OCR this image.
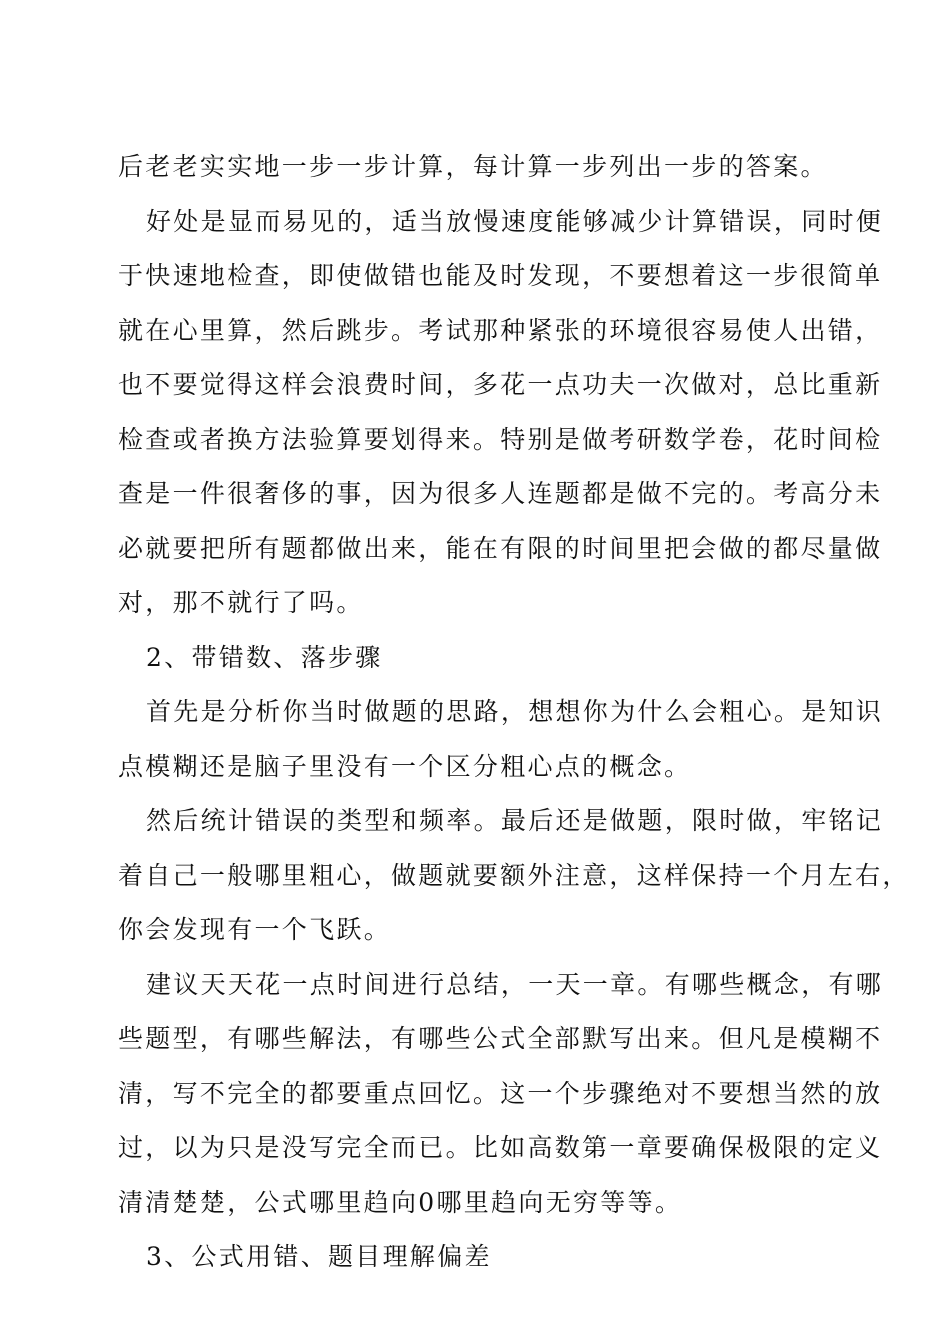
后老老实实地一步一步计算，每计算一步列出一步的答案。
好处是显而易见的，适当放慢速度能够减少计算错误，同时便
于快速地检查，即使做错也能及时发现，不要想着这一步很简单
就在心里算，然后跳步。考试那种紧张的环境很容易使人出错，
也不要觉得这样会浪费时间，多花一点功夫一次做对，总比重新
检查或者换方法验算要划得来。特别是做考研数学卷，花时间检
查是一件很奢侈的事，因为很多人连题都是做不完的。考高分未
必就要把所有题都做出来，能在有限的时间里把会做的都尽量做
对，那不就行了吗。
2、带错数、落步骤
首先是分析你当时做题的思路，想想你为什么会粗心。是知识
点模糊还是脑子里没有一个区分粗心点的概念。
然后统计错误的类型和频率。最后还是做题，限时做，牢铭记
着自己一般哪里粗心，做题就要额外注意，这样保持一个月左右，
你会发现有一个飞跃。
建议天天花一点时间进行总结，一天一章。有哪些概念，有哪
些题型，有哪些解法，有哪些公式全部默写出来。但凡是模糊不
清，写不完全的都要重点回忆。这一个步骤绝对不要想当然的放
过，以为只是没写完全而已。比如高数第一章要确保极限的定义
清清楚楚，公式哪里趋向0哪里趋向无穷等等。
3、公式用错、题目理解偏差
